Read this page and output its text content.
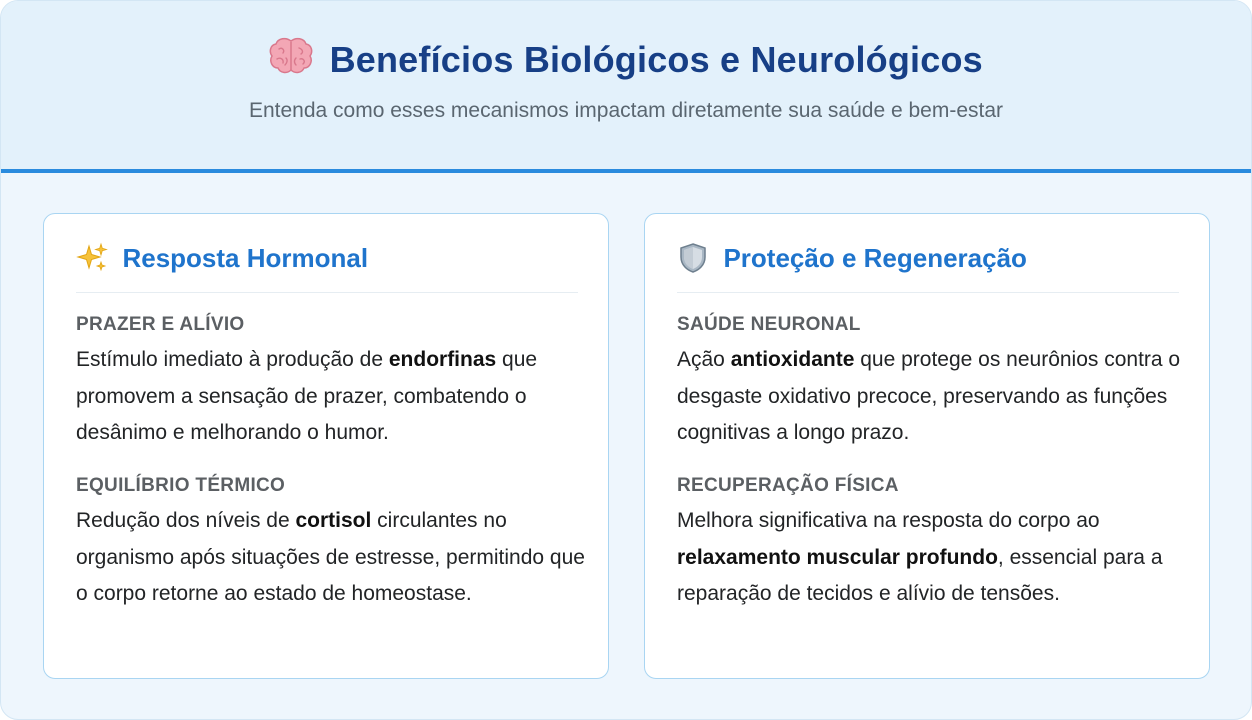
Benefícios Biológicos e Neurológicos
Entenda como esses mecanismos impactam diretamente sua saúde e bem-estar
Resposta Hormonal
PRAZER E ALÍVIO
Estímulo imediato à produção de endorfinas que promovem a sensação de prazer, combatendo o desânimo e melhorando o humor.
EQUILÍBRIO TÉRMICO
Redução dos níveis de cortisol circulantes no organismo após situações de estresse, permitindo que o corpo retorne ao estado de homeostase.
Proteção e Regeneração
SAÚDE NEURONAL
Ação antioxidante que protege os neurônios contra o desgaste oxidativo precoce, preservando as funções cognitivas a longo prazo.
RECUPERAÇÃO FÍSICA
Melhora significativa na resposta do corpo ao relaxamento muscular profundo, essencial para a reparação de tecidos e alívio de tensões.
